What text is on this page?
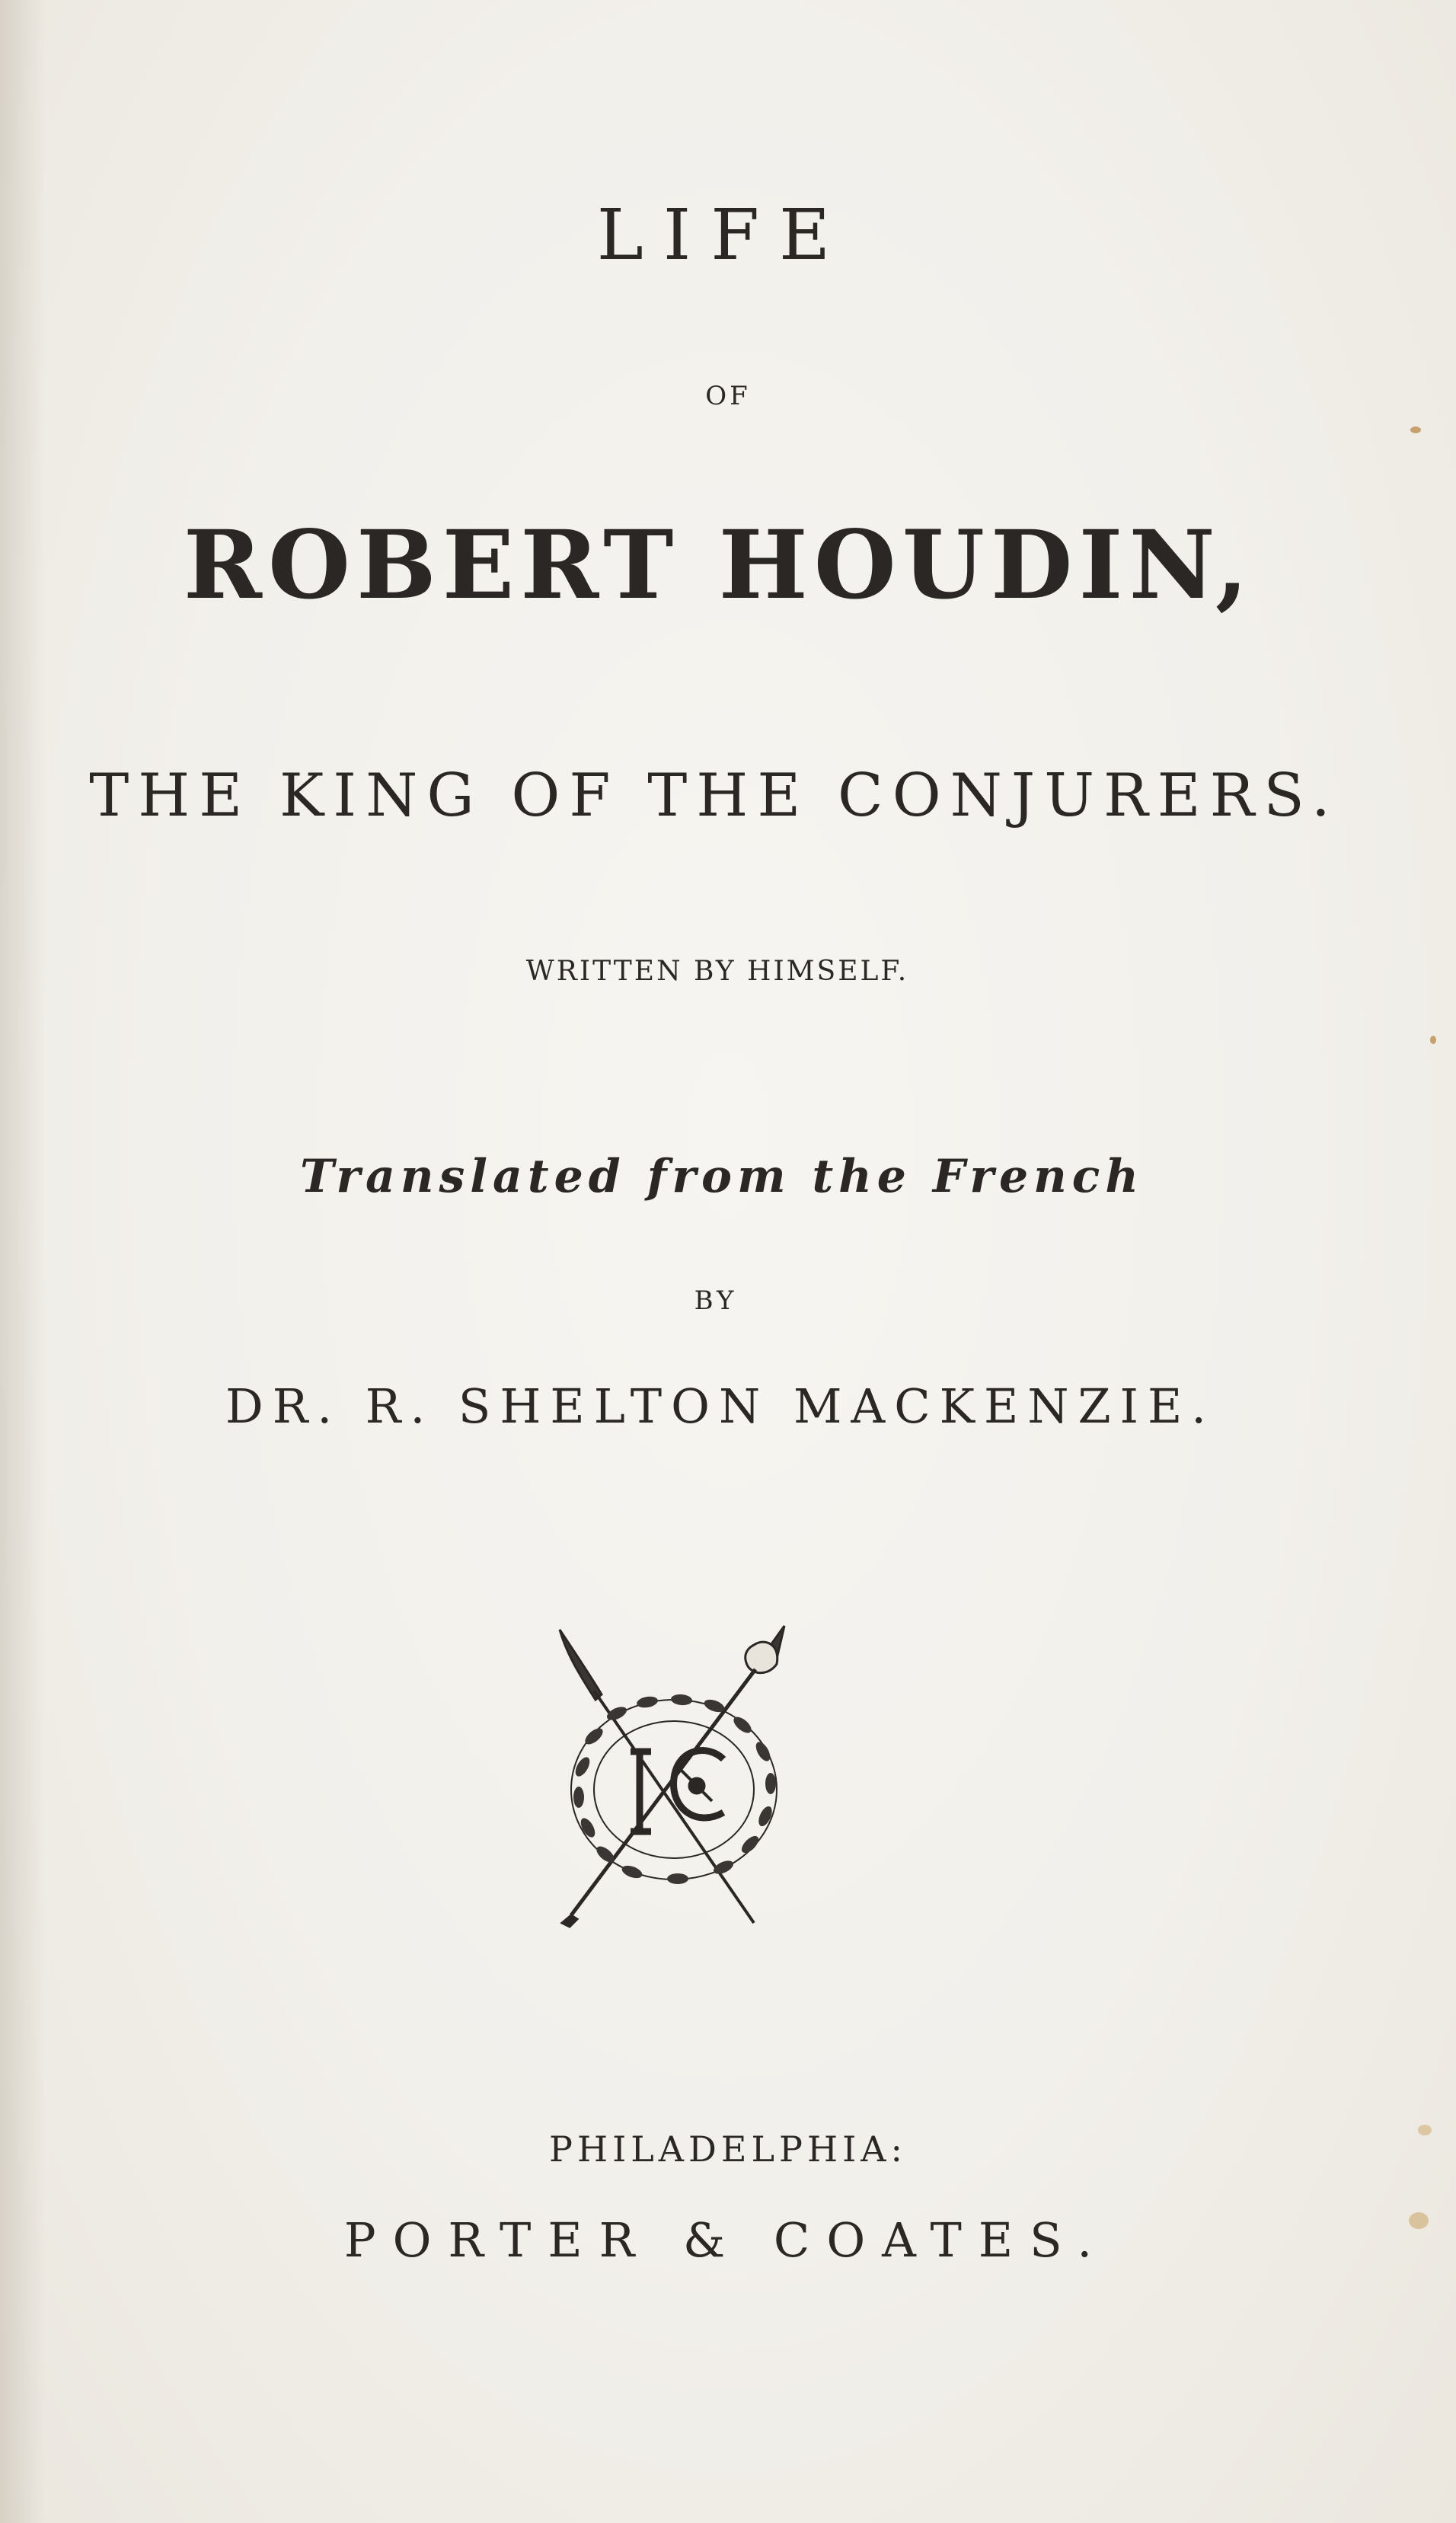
LIFE
OF
ROBERT HOUDIN,
THE KING OF THE CONJURERS.
WRITTEN BY HIMSELF.
Translated from the French
BY
DR. R. SHELTON MACKENZIE.
PHILADELPHIA:
PORTER & COATES.
